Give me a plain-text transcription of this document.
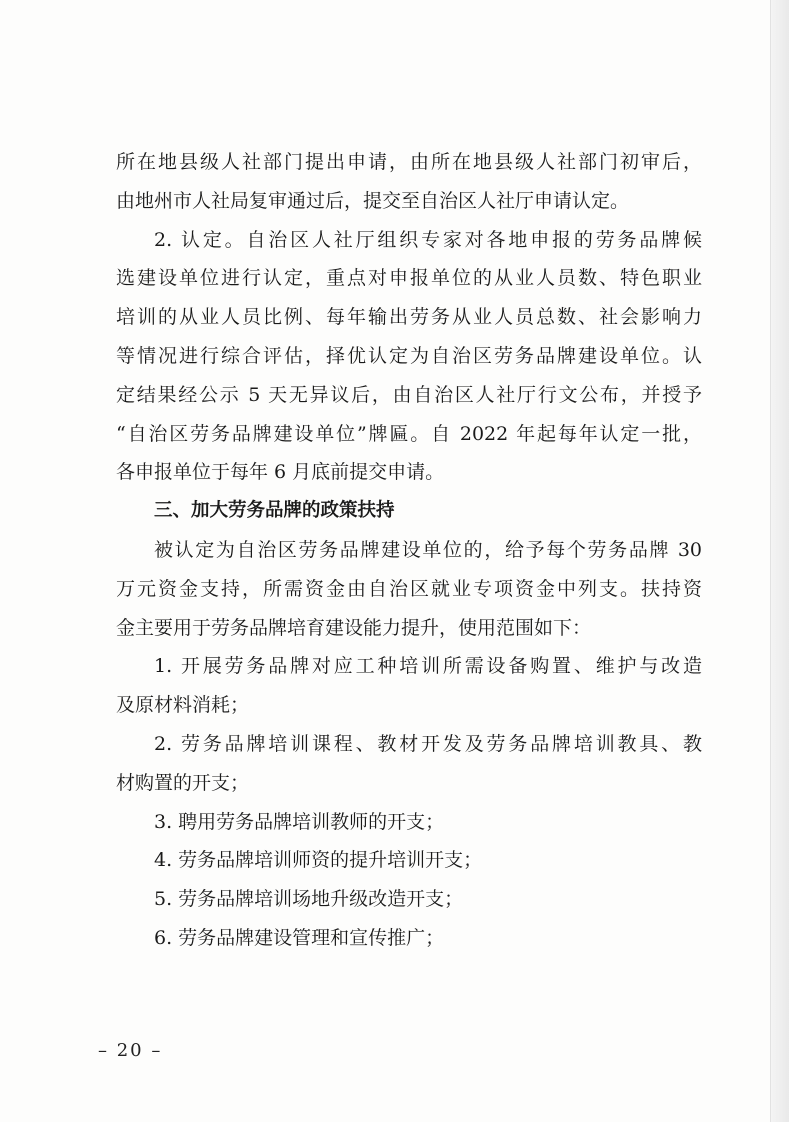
所在地县级人社部门提出申请，由所在地县级人社部门初审后，
由地州市人社局复审通过后，提交至自治区人社厅申请认定。
2. 认定。自治区人社厅组织专家对各地申报的劳务品牌候
选建设单位进行认定，重点对申报单位的从业人员数、特色职业
培训的从业人员比例、每年输出劳务从业人员总数、社会影响力
等情况进行综合评估，择优认定为自治区劳务品牌建设单位。认
定结果经公示 5 天无异议后，由自治区人社厅行文公布，并授予
“自治区劳务品牌建设单位”牌匾。自 2022 年起每年认定一批，
各申报单位于每年 6 月底前提交申请。
三、加大劳务品牌的政策扶持
被认定为自治区劳务品牌建设单位的，给予每个劳务品牌 30
万元资金支持，所需资金由自治区就业专项资金中列支。扶持资
金主要用于劳务品牌培育建设能力提升，使用范围如下：
1. 开展劳务品牌对应工种培训所需设备购置、维护与改造
及原材料消耗；
2. 劳务品牌培训课程、教材开发及劳务品牌培训教具、教
材购置的开支；
3. 聘用劳务品牌培训教师的开支；
4. 劳务品牌培训师资的提升培训开支；
5. 劳务品牌培训场地升级改造开支；
6. 劳务品牌建设管理和宣传推广；
– 20 –
